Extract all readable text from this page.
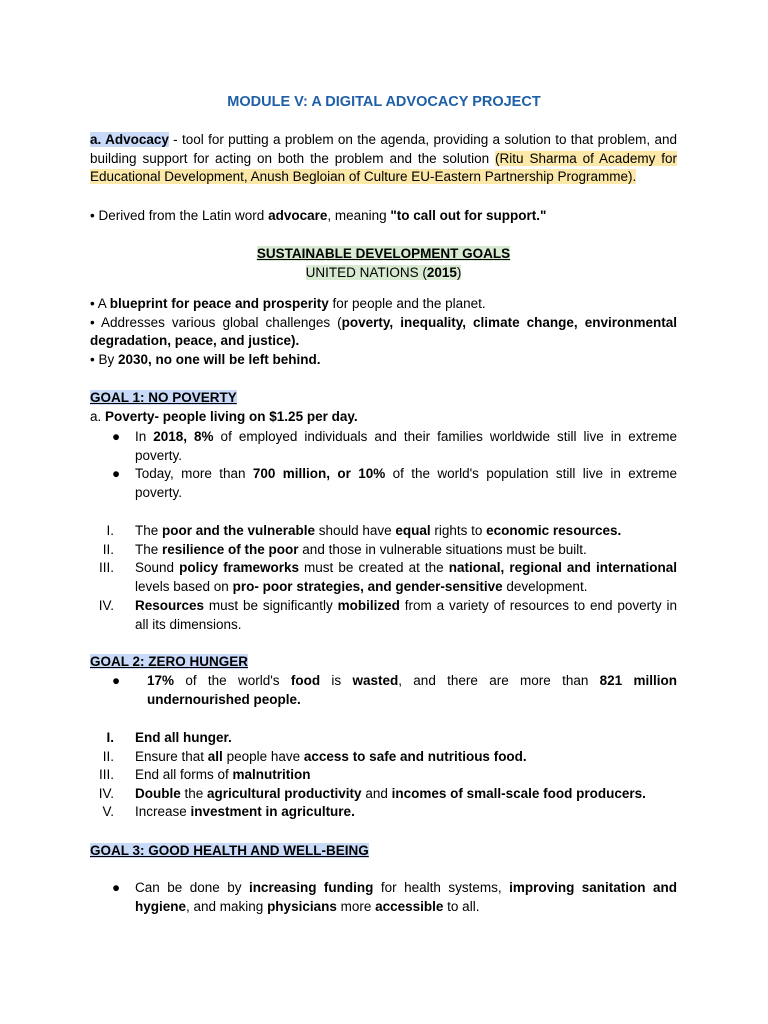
MODULE V: A DIGITAL ADVOCACY PROJECT
a. Advocacy - tool for putting a problem on the agenda, providing a solution to that problem, and building support for acting on both the problem and the solution (Ritu Sharma of Academy for Educational Development, Anush Begloian of Culture EU-Eastern Partnership Programme).
• Derived from the Latin word advocare, meaning "to call out for support."
SUSTAINABLE DEVELOPMENT GOALS
UNITED NATIONS (2015)

• A blueprint for peace and prosperity for people and the planet.

• Addresses various global challenges (poverty, inequality, climate change, environmental degradation, peace, and justice).

• By 2030, no one will be left behind.

GOAL 1: NO POVERTY
a. Poverty- people living on $1.25 per day.
● In 2018, 8% of employed individuals and their families worldwide still live in extreme poverty.
● Today, more than 700 million, or 10% of the world's population still live in extreme poverty.
I. The poor and the vulnerable should have equal rights to economic resources.
II. The resilience of the poor and those in vulnerable situations must be built.
III. Sound policy frameworks must be created at the national, regional and international levels based on pro- poor strategies, and gender-sensitive development.
IV. Resources must be significantly mobilized from a variety of resources to end poverty in all its dimensions.
GOAL 2: ZERO HUNGER
● 17% of the world's food is wasted, and there are more than 821 million undernourished people.
I. End all hunger.
II. Ensure that all people have access to safe and nutritious food.
III. End all forms of malnutrition
IV. Double the agricultural productivity and incomes of small-scale food producers.
V. Increase investment in agriculture.
GOAL 3: GOOD HEALTH AND WELL-BEING
● Can be done by increasing funding for health systems, improving sanitation and hygiene, and making physicians more accessible to all.
